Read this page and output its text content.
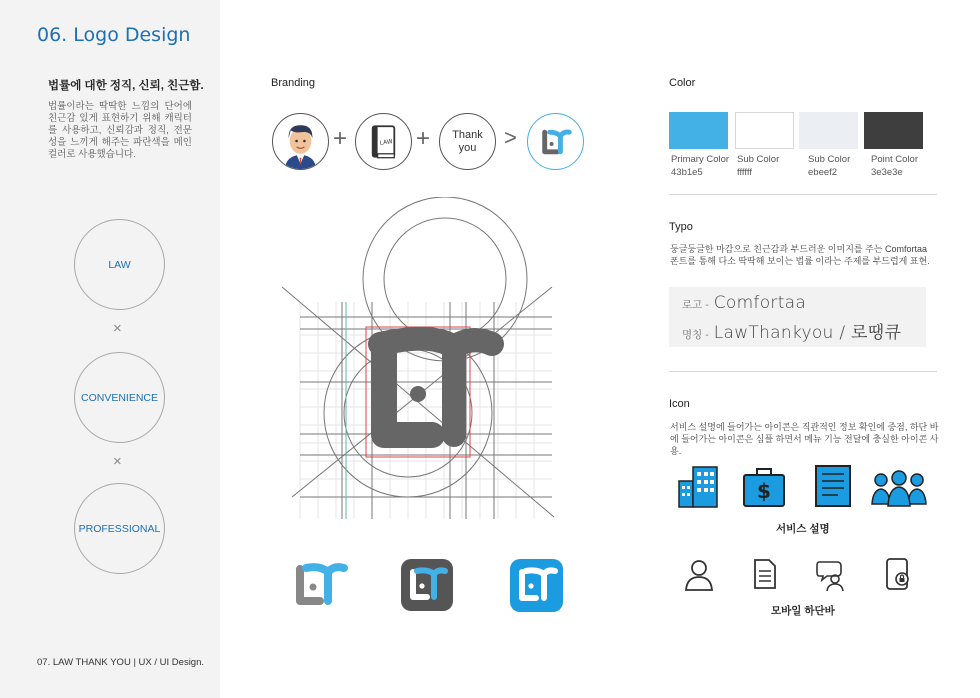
06. Logo Design
법률에 대한 정직, 신뢰, 친근함.
법률이라는 딱딱한 느낌의 단어에 친근감 있게 표현하기 위해 캐릭터를 사용하고, 신뢰감과 정직, 전문성을 느끼게 해주는 파란색을 메인컬러로 사용했습니다.
LAW
×
CONVENIENCE
×
PROFESSIONAL
07. LAW THANK YOU | UX / UI Design.
Branding
+	LAW +	Thank
you	>
Color
Primary Color
43b1e5
Sub Color
ffffff
Sub Color
ebeef2
Point Color
3e3e3e
Typo
둥글둥글한 마감으로 친근감과 부드러운 이미지를 주는 Comfortaa 폰트를 통해 다소 딱딱해 보이는 법률 이라는 주제를 부드럽게 표현.
로고 - Comfortaa
명칭 - LawThankyou / 로땡큐
Icon
서비스 설명에 들어가는 아이콘은 직관적인 정보 확인에 중점, 하단 바에 들어가는 아이콘은 심플 하면서 메뉴 기능 전달에 충실한 아이콘 사용.
$
서비스 설명
모바일 하단바
